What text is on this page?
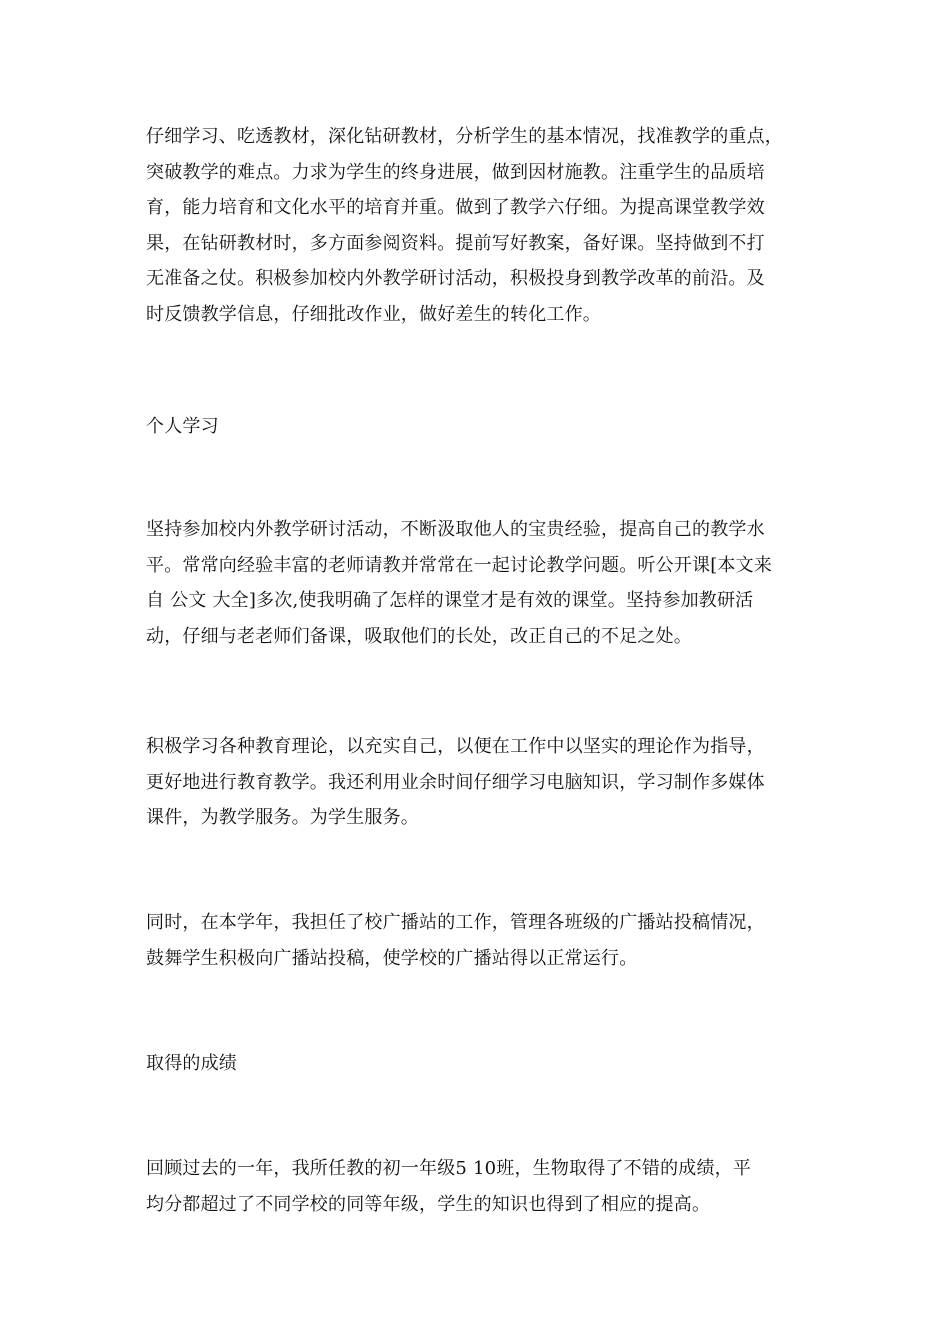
仔细学习、吃透教材，深化钻研教材，分析学生的基本情况，找准教学的重点，
突破教学的难点。力求为学生的终身进展，做到因材施教。注重学生的品质培
育，能力培育和文化水平的培育并重。做到了教学六仔细。为提高课堂教学效
果，在钻研教材时，多方面参阅资料。提前写好教案，备好课。坚持做到不打
无准备之仗。积极参加校内外教学研讨活动，积极投身到教学改革的前沿。及
时反馈教学信息，仔细批改作业，做好差生的转化工作。
个人学习
坚持参加校内外教学研讨活动，不断汲取他人的宝贵经验，提高自己的教学水
平。常常向经验丰富的老师请教并常常在一起讨论教学问题。听公开课[本文来
自 公文 大全]多次,使我明确了怎样的课堂才是有效的课堂。坚持参加教研活
动，仔细与老老师们备课，吸取他们的长处，改正自己的不足之处。
积极学习各种教育理论，以充实自己，以便在工作中以坚实的理论作为指导，
更好地进行教育教学。我还利用业余时间仔细学习电脑知识，学习制作多媒体
课件，为教学服务。为学生服务。
同时，在本学年，我担任了校广播站的工作，管理各班级的广播站投稿情况，
鼓舞学生积极向广播站投稿，使学校的广播站得以正常运行。
取得的成绩
回顾过去的一年，我所任教的初一年级5 10班，生物取得了不错的成绩，平
均分都超过了不同学校的同等年级，学生的知识也得到了相应的提高。
